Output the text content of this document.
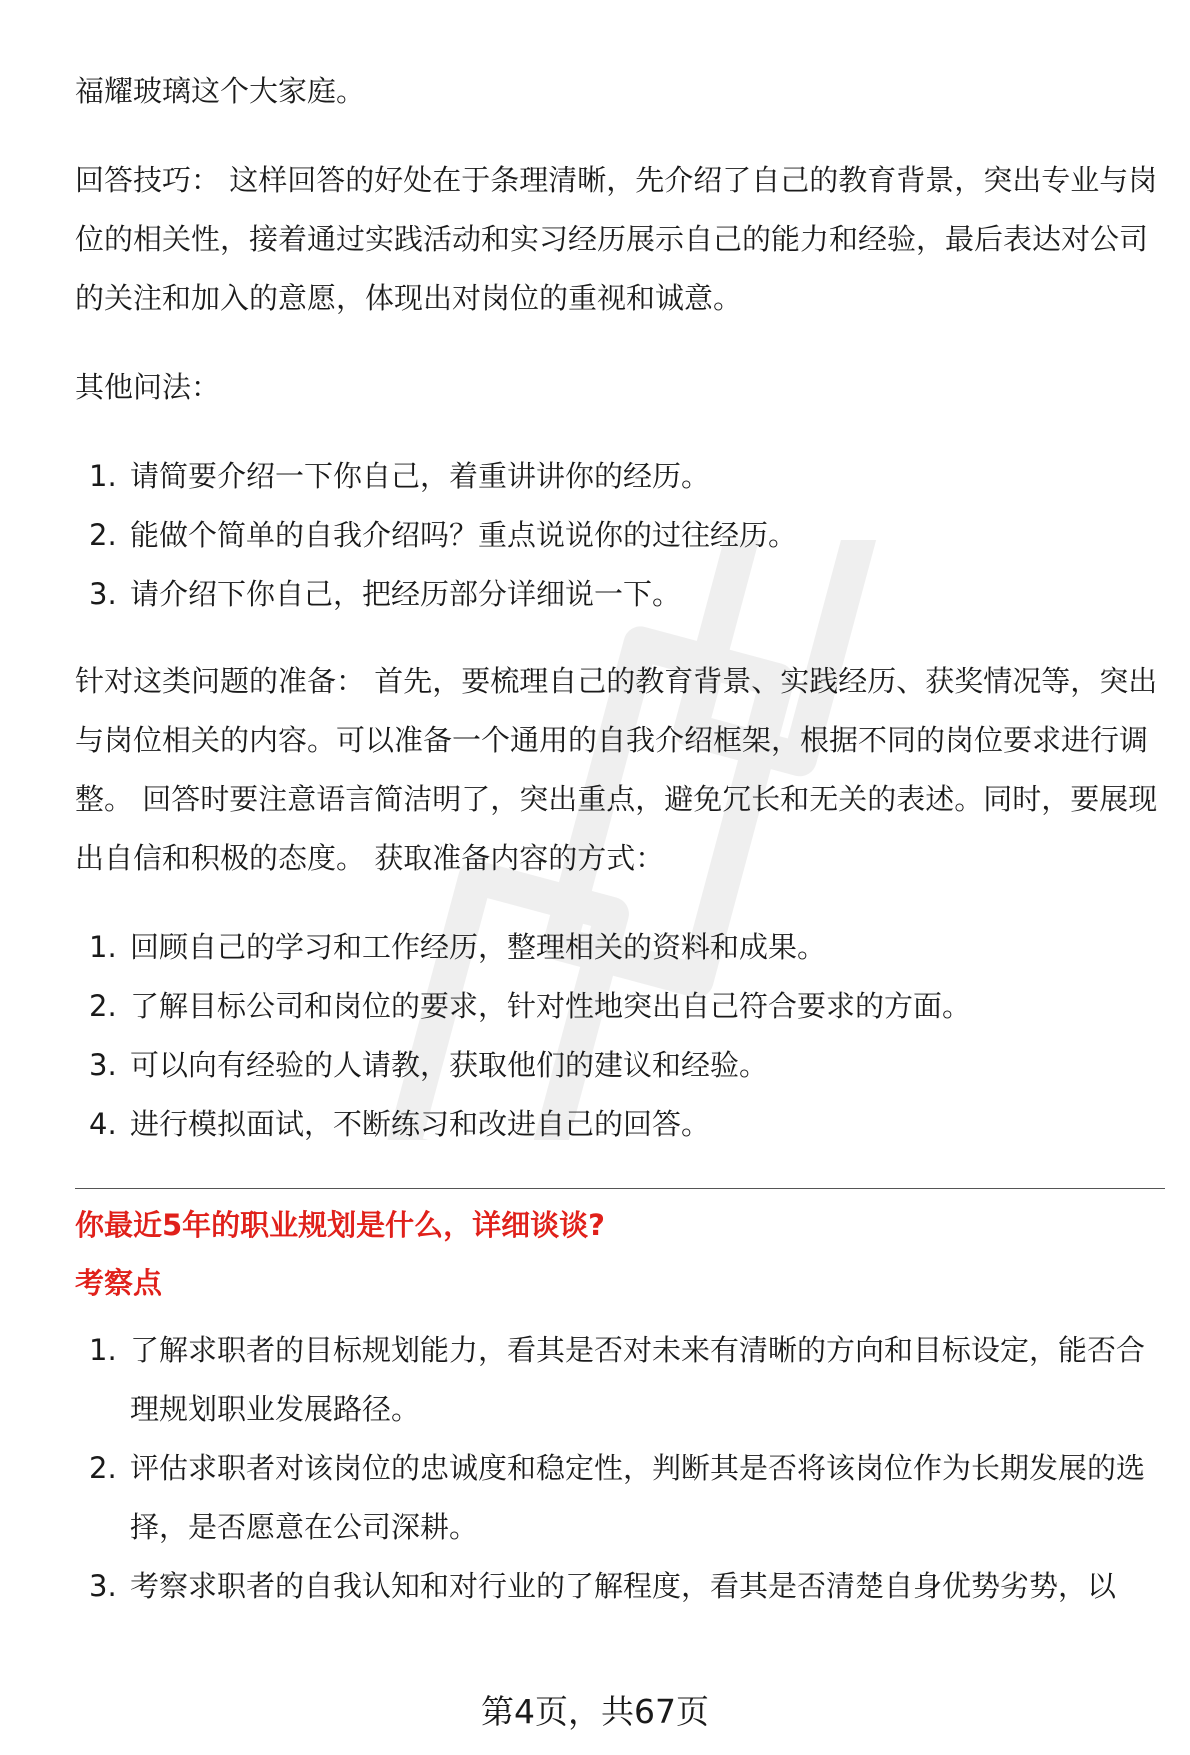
福耀玻璃这个大家庭。

回答技巧： 这样回答的好处在于条理清晰，先介绍了自己的教育背景，突出专业与岗位的相关性，接着通过实践活动和实习经历展示自己的能力和经验，最后表达对公司的关注和加入的意愿，体现出对岗位的重视和诚意。

其他问法：

1. 请简要介绍一下你自己，着重讲讲你的经历。
2. 能做个简单的自我介绍吗？重点说说你的过往经历。
3. 请介绍下你自己，把经历部分详细说一下。

针对这类问题的准备： 首先，要梳理自己的教育背景、实践经历、获奖情况等，突出与岗位相关的内容。可以准备一个通用的自我介绍框架，根据不同的岗位要求进行调整。 回答时要注意语言简洁明了，突出重点，避免冗长和无关的表述。同时，要展现出自信和积极的态度。 获取准备内容的方式：

1. 回顾自己的学习和工作经历，整理相关的资料和成果。
2. 了解目标公司和岗位的要求，针对性地突出自己符合要求的方面。
3. 可以向有经验的人请教，获取他们的建议和经验。
4. 进行模拟面试，不断练习和改进自己的回答。

你最近5年的职业规划是什么，详细谈谈?

考察点

1. 了解求职者的目标规划能力，看其是否对未来有清晰的方向和目标设定，能否合理规划职业发展路径。
2. 评估求职者对该岗位的忠诚度和稳定性，判断其是否将该岗位作为长期发展的选择，是否愿意在公司深耕。
3. 考察求职者的自我认知和对行业的了解程度，看其是否清楚自身优势劣势，以
第4页，共67页
